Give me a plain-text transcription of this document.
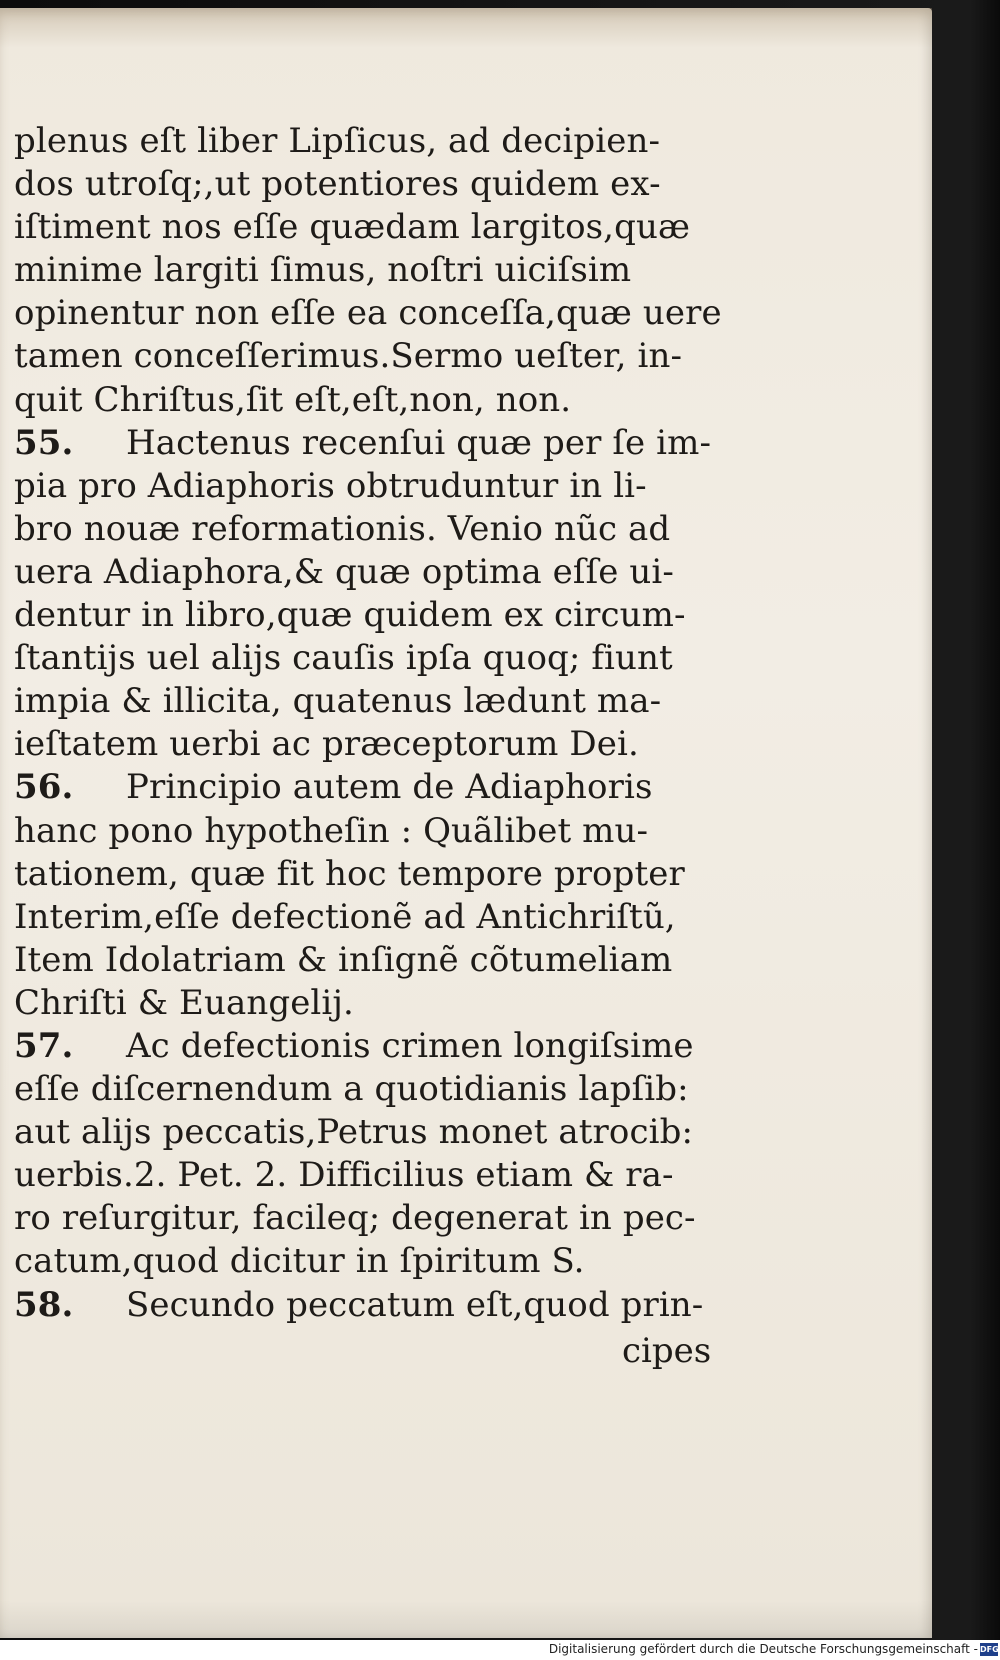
plenus eſt liber Lipſicus, ad decipien-
dos utroſq;,ut potentiores quidem ex-
iſtiment nos eſſe quædam largitos,quæ
minime largiti ſimus, noſtri uiciſsim
opinentur non eſſe ea conceſſa,quæ uere
tamen conceſſerimus.Sermo ueſter, in-
quit Chriſtus,ſit eſt,eſt,non, non.
55. Hactenus recenſui quæ per ſe im-
pia pro Adiaphoris obtruduntur in li-
bro nouæ reformationis. Venio nũc ad
uera Adiaphora,& quæ optima eſſe ui-
dentur in libro,quæ quidem ex circum-
ſtantijs uel alijs cauſis ipſa quoq; fiunt
impia & illicita, quatenus lædunt ma-
ieſtatem uerbi ac præceptorum Dei.
56. Principio autem de Adiaphoris
hanc pono hypotheſin : Quãlibet mu-
tationem, quæ fit hoc tempore propter
Interim,eſſe defectionẽ ad Antichriſtũ,
Item Idolatriam & inſignẽ cõtumeliam
Chriſti & Euangelij.
57. Ac defectionis crimen longiſsime
eſſe diſcernendum a quotidianis lapſib:
aut alijs peccatis,Petrus monet atrocib:
uerbis.2. Pet. 2. Difficilius etiam & ra-
ro reſurgitur, facileq; degenerat in pec-
catum,quod dicitur in ſpiritum S.
58. Secundo peccatum eſt,quod prin-
cipes
Digitalisierung gefördert durch die Deutsche Forschungsgemeinschaft - DFG
